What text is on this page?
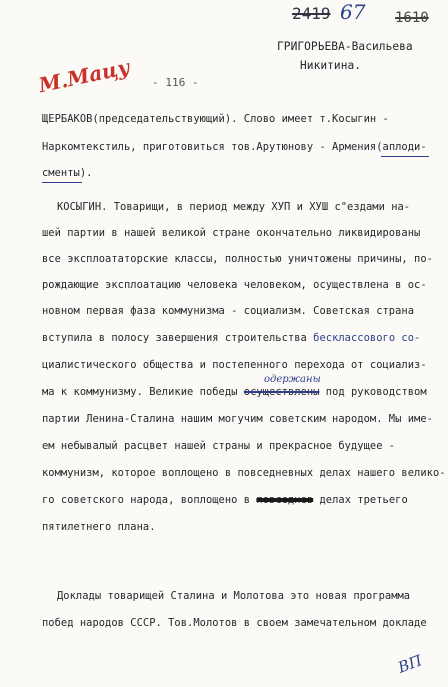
2419 67 1610
М.Мацу
ГРИГОРЬЕВА-Васильева
Никитина.
- 116 -
ЩЕРБАКОВ(председательствующий). Слово имеет т.Косыгин -
Наркомтекстиль, приготовиться тов.Арутюнову - Армения(аплоди-
сменты).
КОСЫГИН. Товарищи, в период между ХУП и ХУШ с"ездами на-
шей партии в нашей великой стране окончательно ликвидированы
все эксплоататорские классы, полностью уничтожены причины, по-
рождающие эксплоатацию человека человеком, осуществлена в ос-
новном первая фаза коммунизма - социализм. Советская страна
вступила в полосу завершения строительства бесклассового со-
циалистического общества и постепенного перехода от социализ-
одержаны
ма к коммунизму. Великие победы осуществлены под руководством
партии Ленина-Сталина нашим могучим советским народом. Мы име-
ем небывалый расцвет нашей страны и прекрасное будущее -
коммунизм, которое воплощено в повседневных делах нашего велико-
го советского народа, воплощено в повседнев делах третьего
пятилетнего плана.
Доклады товарищей Сталина и Молотова это новая программа
побед народов СССР. Тов.Молотов в своем замечательном докладе
ВП
